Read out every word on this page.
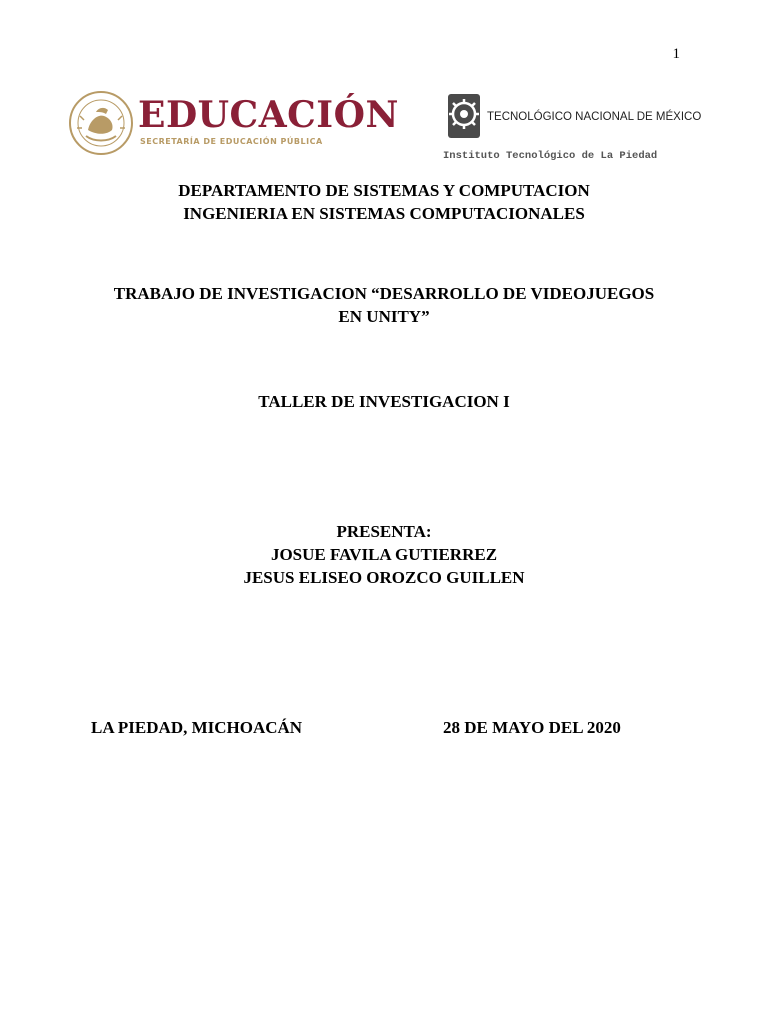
1
EDUCACIÓN
SECRETARÍA DE EDUCACIÓN PÚBLICA
TECNOLÓGICO NACIONAL DE MÉXICO
Instituto Tecnológico de La Piedad
DEPARTAMENTO DE SISTEMAS Y COMPUTACION
INGENIERIA EN SISTEMAS COMPUTACIONALES
TRABAJO DE INVESTIGACION “DESARROLLO DE VIDEOJUEGOS
EN UNITY”
TALLER DE INVESTIGACION I
PRESENTA:
JOSUE FAVILA GUTIERREZ
JESUS ELISEO OROZCO GUILLEN
LA PIEDAD, MICHOACÁN	28 DE MAYO DEL 2020
